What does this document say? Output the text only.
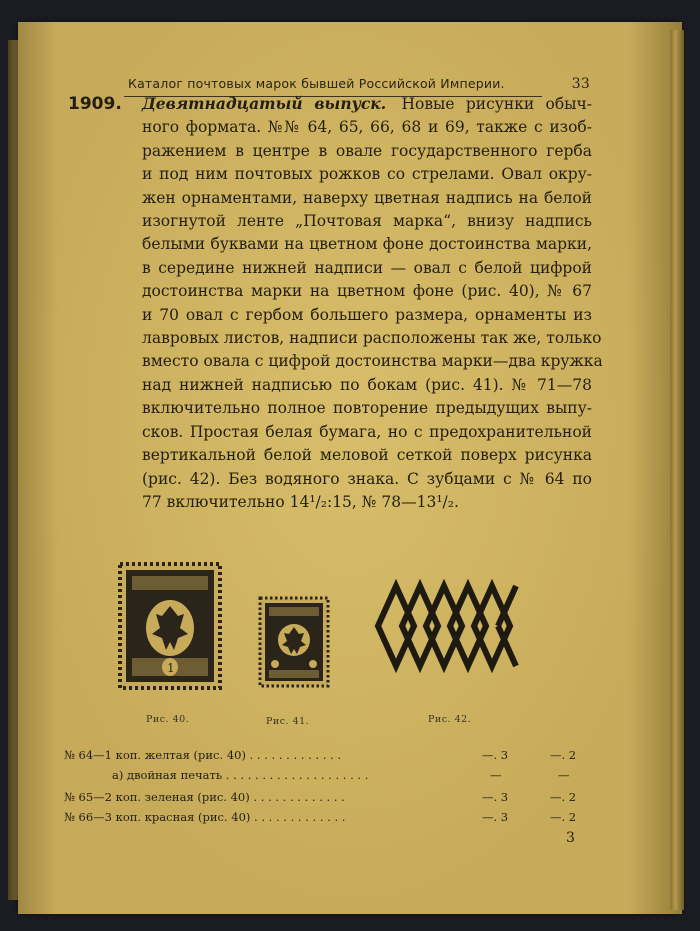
Каталог почтовых марок бывшей Российской Империи.	33
1909. Девятнадцатый выпуск. Новые рисунки обыч-
ного формата. №№ 64, 65, 66, 68 и 69, также с изоб-
ражением в центре в овале государственного герба
и под ним почтовых рожков со стрелами. Овал окру-
жен орнаментами, наверху цветная надпись на белой
изогнутой ленте „Почтовая марка“, внизу надпись
белыми буквами на цветном фоне достоинства марки,
в середине нижней надписи — овал с белой цифрой
достоинства марки на цветном фоне (рис. 40), № 67
и 70 овал с гербом большего размера, орнаменты из
лавровых листов, надписи расположены так же, только
вместо овала с цифрой достоинства марки—два кружка
над нижней надписью по бокам (рис. 41). № 71—78
включительно полное повторение предыдущих выпу-
сков. Простая белая бумага, но с предохранительной
вертикальной белой меловой сеткой поверх рисунка
(рис. 42). Без водяного знака. С зубцами с № 64 по
77 включительно 14¹/₂:15, № 78—13¹/₂.
1
Рис. 40.	Рис. 41.	Рис. 42.
№ 64—1 коп. желтая (рис. 40) . . . . . . . . . . . . .	—. 3	—. 2
а) двойная печать . . . . . . . . . . . . . . . . . . . .	—	—
№ 65—2 коп. зеленая (рис. 40) . . . . . . . . . . . . .	—. 3	—. 2
№ 66—3 коп. красная (рис. 40) . . . . . . . . . . . . .	—. 3	—. 2
3
